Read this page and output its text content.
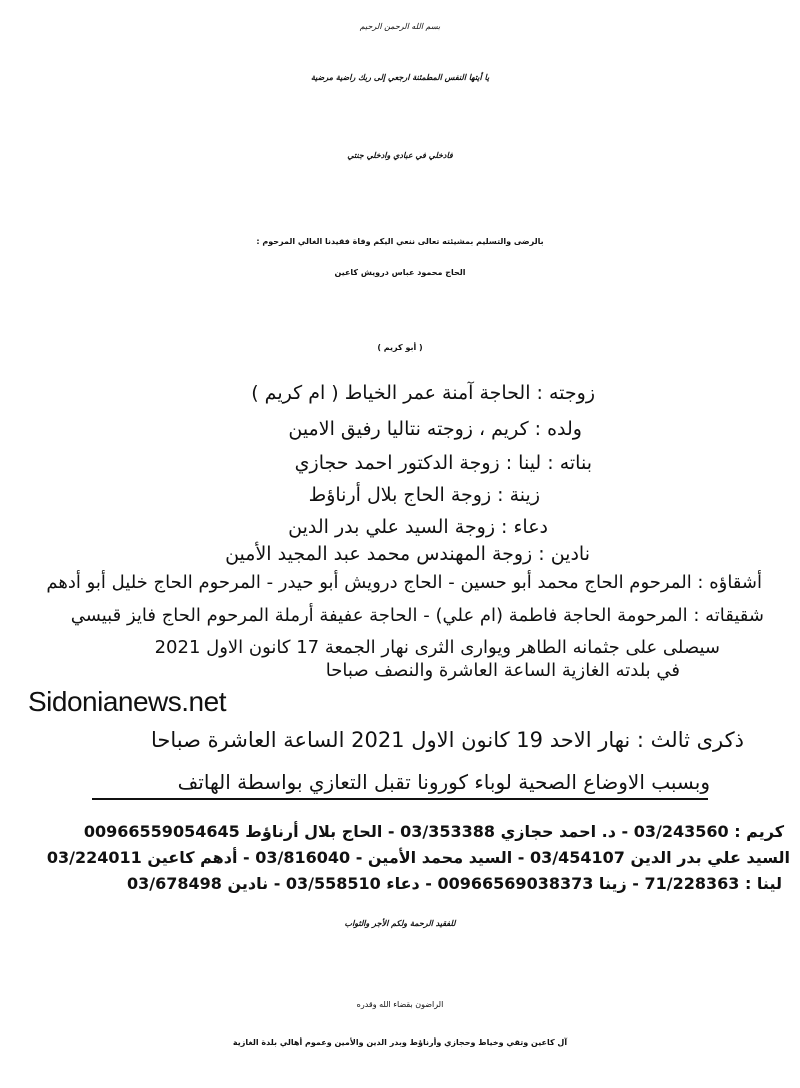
بسم الله الرحمن الرحيم
يا أيتها النفس المطمئنة ارجعي إلى ربك راضية مرضية
فادخلي في عبادي وادخلي جنتي
بالرضى والتسليم بمشيئته تعالى ننعي اليكم وفاة فقيدنا الغالي المرحوم :
الحاج محمود عباس درويش كاعين
( أبو كريم )
زوجته : الحاجة آمنة عمر الخياط ( ام كريم )
ولده : كريم ، زوجته نتاليا رفيق الامين
بناته : لينا : زوجة الدكتور احمد حجازي
زينة : زوجة الحاج بلال أرناؤط
دعاء : زوجة السيد علي بدر الدين
نادين : زوجة المهندس محمد عبد المجيد الأمين
أشقاؤه : المرحوم الحاج محمد أبو حسين - الحاج درويش أبو حيدر - المرحوم الحاج خليل أبو أدهم
شقيقاته : المرحومة الحاجة فاطمة (ام علي) - الحاجة عفيفة أرملة المرحوم الحاج فايز قبيسي
سيصلى على جثمانه الطاهر ويوارى الثرى نهار الجمعة 17 كانون الاول 2021
في بلدته الغازية الساعة العاشرة والنصف صباحا
ذكرى ثالث : نهار الاحد 19 كانون الاول 2021 الساعة العاشرة صباحا
وبسبب الاوضاع الصحية لوباء كورونا تقبل التعازي بواسطة الهاتف
كريم : 03/243560 - د. احمد حجازي 03/353388 - الحاج بلال أرناؤط 00966559054645
السيد علي بدر الدين 03/454107 - السيد محمد الأمين - 03/816040 - أدهم كاعين 03/224011
لينا : 71/228363 - زينا 00966569038373 - دعاء 03/558510 - نادين 03/678498
للفقيد الرحمة ولكم الأجر والثواب
الراضون بقضاء الله وقدره
آل كاعين وتقي وخياط وحجازي وأرناؤط وبدر الدين والأمين وعموم أهالي بلدة الغازية
Sidonianews.net
